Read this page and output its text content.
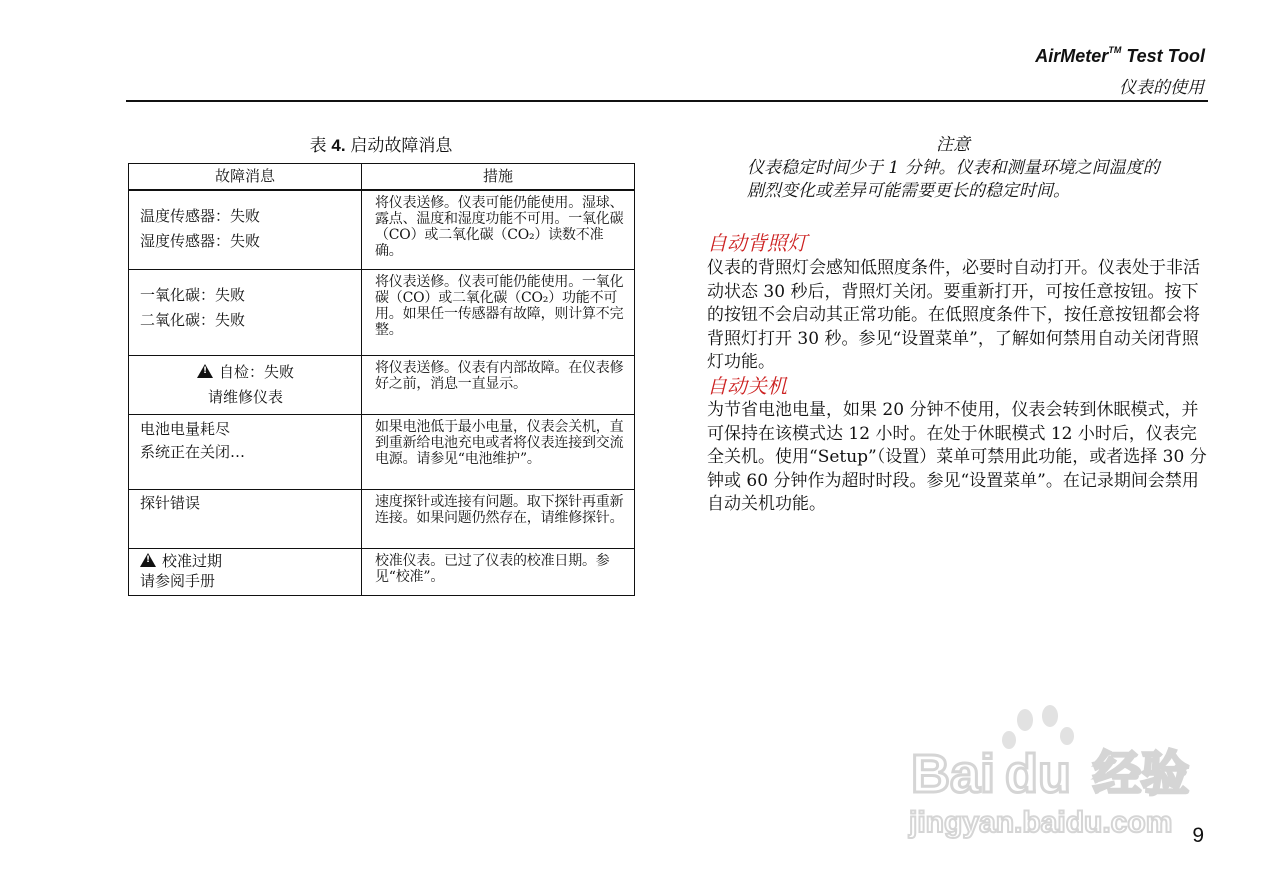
AirMeter™ Test Tool
仪表的使用
表 4. 启动故障消息
故障消息	措施

温度传感器：失败
湿度传感器：失败	将仪表送修。仪表可能仍能使用。湿球、露点、温度和湿度功能不可用。一氧化碳（CO）或二氧化碳（CO₂）读数不准确。

一氧化碳：失败
二氧化碳：失败	将仪表送修。仪表可能仍能使用。一氧化碳（CO）或二氧化碳（CO₂）功能不可用。如果任一传感器有故障，则计算不完整。

!自检：失败
请维修仪表	将仪表送修。仪表有内部故障。在仪表修好之前，消息一直显示。

电池电量耗尽
系统正在关闭…	如果电池低于最小电量，仪表会关机，直到重新给电池充电或者将仪表连接到交流电源。请参见“电池维护”。

探针错误	速度探针或连接有问题。取下探针再重新连接。如果问题仍然存在，请维修探针。

!校准过期
请参阅手册	校准仪表。已过了仪表的校准日期。参见“校准”。
注意
仪表稳定时间少于 1 分钟。仪表和测量环境之间温度的剧烈变化或差异可能需要更长的稳定时间。
自动背照灯
仪表的背照灯会感知低照度条件，必要时自动打开。仪表处于非活动状态 30 秒后，背照灯关闭。要重新打开，可按任意按钮。按下的按钮不会启动其正常功能。在低照度条件下，按任意按钮都会将背照灯打开 30 秒。参见“设置菜单”，了解如何禁用自动关闭背照灯功能。
自动关机
为节省电池电量，如果 20 分钟不使用，仪表会转到休眠模式，并可保持在该模式达 12 小时。在处于休眠模式 12 小时后，仪表完全关机。使用“Setup”（设置）菜单可禁用此功能，或者选择 30 分钟或 60 分钟作为超时时段。参见“设置菜单”。在记录期间会禁用自动关机功能。
9
Bai du 经验
jingyan.baidu.com
